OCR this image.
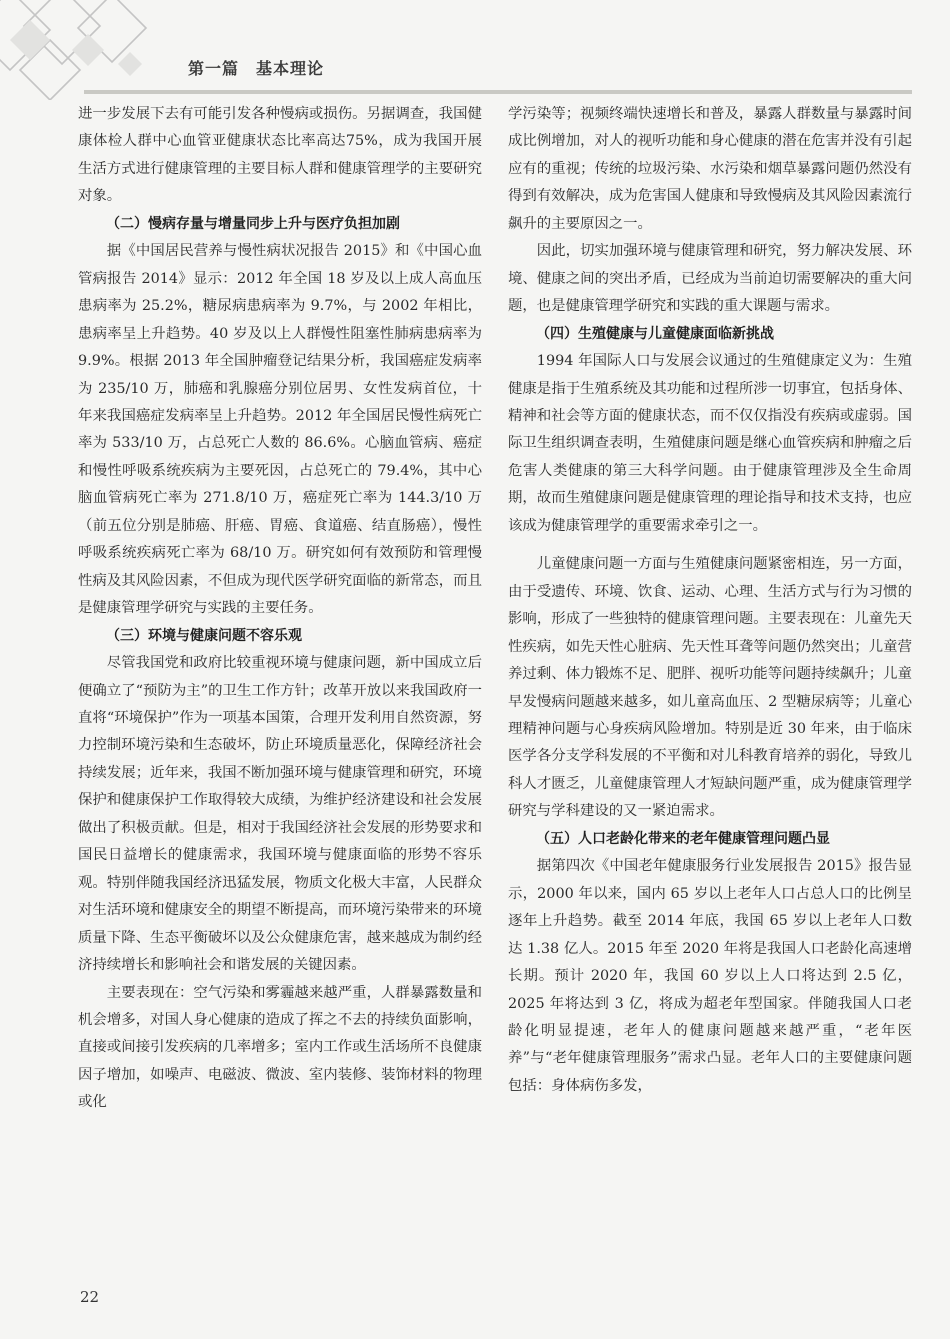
第一篇　基本理论

进一步发展下去有可能引发各种慢病或损伤。另据调查，我国健康体检人群中心血管亚健康状态比率高达75%，成为我国开展生活方式进行健康管理的主要目标人群和健康管理学的主要研究对象。

（二）慢病存量与增量同步上升与医疗负担加剧

据《中国居民营养与慢性病状况报告 2015》和《中国心血管病报告 2014》显示：2012 年全国 18 岁及以上成人高血压患病率为 25.2%，糖尿病患病率为 9.7%，与 2002 年相比，患病率呈上升趋势。40 岁及以上人群慢性阻塞性肺病患病率为 9.9%。根据 2013 年全国肿瘤登记结果分析，我国癌症发病率为 235/10 万，肺癌和乳腺癌分别位居男、女性发病首位，十年来我国癌症发病率呈上升趋势。2012 年全国居民慢性病死亡率为 533/10 万，占总死亡人数的 86.6%。心脑血管病、癌症和慢性呼吸系统疾病为主要死因，占总死亡的 79.4%，其中心脑血管病死亡率为 271.8/10 万，癌症死亡率为 144.3/10 万（前五位分别是肺癌、肝癌、胃癌、食道癌、结直肠癌），慢性呼吸系统疾病死亡率为 68/10 万。研究如何有效预防和管理慢性病及其风险因素，不但成为现代医学研究面临的新常态，而且是健康管理学研究与实践的主要任务。

（三）环境与健康问题不容乐观

尽管我国党和政府比较重视环境与健康问题，新中国成立后便确立了“预防为主”的卫生工作方针；改革开放以来我国政府一直将“环境保护”作为一项基本国策，合理开发利用自然资源，努力控制环境污染和生态破坏，防止环境质量恶化，保障经济社会持续发展；近年来，我国不断加强环境与健康管理和研究，环境保护和健康保护工作取得较大成绩，为维护经济建设和社会发展做出了积极贡献。但是，相对于我国经济社会发展的形势要求和国民日益增长的健康需求，我国环境与健康面临的形势不容乐观。特别伴随我国经济迅猛发展，物质文化极大丰富，人民群众对生活环境和健康安全的期望不断提高，而环境污染带来的环境质量下降、生态平衡破坏以及公众健康危害，越来越成为制约经济持续增长和影响社会和谐发展的关键因素。

主要表现在：空气污染和雾霾越来越严重，人群暴露数量和机会增多，对国人身心健康的造成了挥之不去的持续负面影响，直接或间接引发疾病的几率增多；室内工作或生活场所不良健康因子增加，如噪声、电磁波、微波、室内装修、装饰材料的物理或化

学污染等；视频终端快速增长和普及，暴露人群数量与暴露时间成比例增加，对人的视听功能和身心健康的潜在危害并没有引起应有的重视；传统的垃圾污染、水污染和烟草暴露问题仍然没有得到有效解决，成为危害国人健康和导致慢病及其风险因素流行飙升的主要原因之一。

因此，切实加强环境与健康管理和研究，努力解决发展、环境、健康之间的突出矛盾，已经成为当前迫切需要解决的重大问题，也是健康管理学研究和实践的重大课题与需求。

（四）生殖健康与儿童健康面临新挑战

1994 年国际人口与发展会议通过的生殖健康定义为：生殖健康是指于生殖系统及其功能和过程所涉一切事宜，包括身体、精神和社会等方面的健康状态，而不仅仅指没有疾病或虚弱。国际卫生组织调查表明，生殖健康问题是继心血管疾病和肿瘤之后危害人类健康的第三大科学问题。由于健康管理涉及全生命周期，故而生殖健康问题是健康管理的理论指导和技术支持，也应该成为健康管理学的重要需求牵引之一。

儿童健康问题一方面与生殖健康问题紧密相连，另一方面，由于受遗传、环境、饮食、运动、心理、生活方式与行为习惯的影响，形成了一些独特的健康管理问题。主要表现在：儿童先天性疾病，如先天性心脏病、先天性耳聋等问题仍然突出；儿童营养过剩、体力锻炼不足、肥胖、视听功能等问题持续飙升；儿童早发慢病问题越来越多，如儿童高血压、2 型糖尿病等；儿童心理精神问题与心身疾病风险增加。特别是近 30 年来，由于临床医学各分支学科发展的不平衡和对儿科教育培养的弱化，导致儿科人才匮乏，儿童健康管理人才短缺问题严重，成为健康管理学研究与学科建设的又一紧迫需求。

（五）人口老龄化带来的老年健康管理问题凸显

据第四次《中国老年健康服务行业发展报告 2015》报告显示，2000 年以来，国内 65 岁以上老年人口占总人口的比例呈逐年上升趋势。截至 2014 年底，我国 65 岁以上老年人口数达 1.38 亿人。2015 年至 2020 年将是我国人口老龄化高速增长期。预计 2020 年，我国 60 岁以上人口将达到 2.5 亿，2025 年将达到 3 亿，将成为超老年型国家。伴随我国人口老龄化明显提速，老年人的健康问题越来越严重，“老年医养”与“老年健康管理服务”需求凸显。老年人口的主要健康问题包括：身体病伤多发，

22
